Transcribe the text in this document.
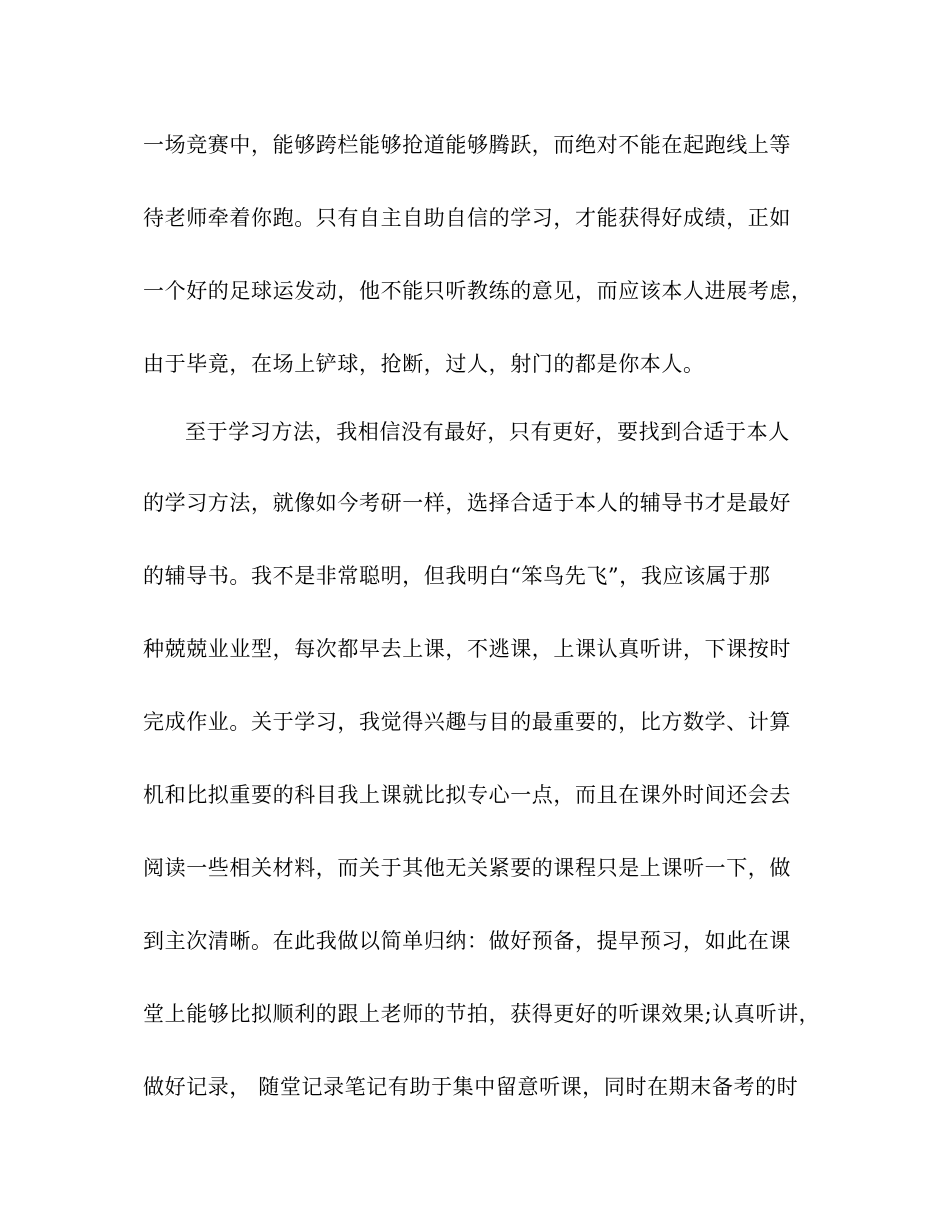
一场竞赛中，能够跨栏能够抢道能够腾跃，而绝对不能在起跑线上等

待老师牵着你跑。只有自主自助自信的学习，才能获得好成绩，正如

一个好的足球运发动，他不能只听教练的意见，而应该本人进展考虑，

由于毕竟，在场上铲球，抢断，过人，射门的都是你本人。

至于学习方法，我相信没有最好，只有更好，要找到合适于本人

的学习方法，就像如今考研一样，选择合适于本人的辅导书才是最好

的辅导书。我不是非常聪明，但我明白“笨鸟先飞”，我应该属于那

种兢兢业业型，每次都早去上课，不逃课，上课认真听讲，下课按时

完成作业。关于学习，我觉得兴趣与目的最重要的，比方数学、计算

机和比拟重要的科目我上课就比拟专心一点，而且在课外时间还会去

阅读一些相关材料，而关于其他无关紧要的课程只是上课听一下，做

到主次清晰。在此我做以简单归纳：做好预备，提早预习，如此在课

堂上能够比拟顺利的跟上老师的节拍，获得更好的听课效果;认真听讲，

做好记录， 随堂记录笔记有助于集中留意听课，同时在期末备考的时
